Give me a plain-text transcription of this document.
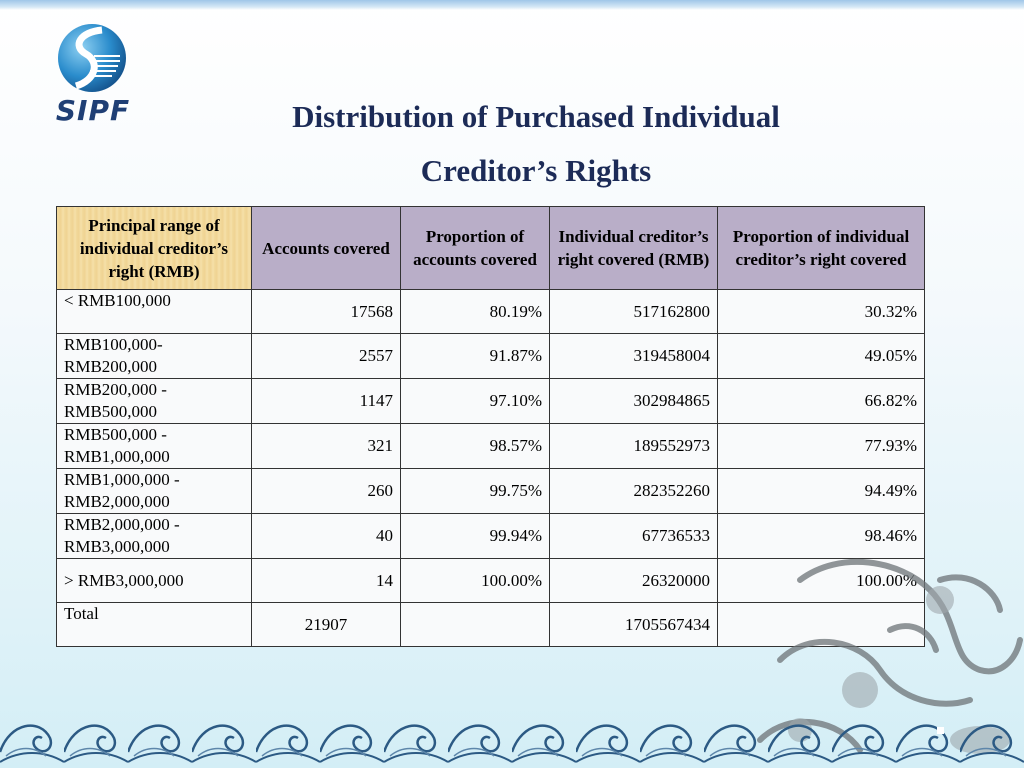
SIPF	Distribution of Purchased Individual
Creditor’s Rights
Principal range of individual creditor’s right (RMB)	Accounts covered	Proportion of accounts covered	Individual creditor’s right covered (RMB)	Proportion of individual creditor’s right covered
< RMB100,000	17568	80.19%	517162800	30.32%
RMB100,000-RMB200,000	2557	91.87%	319458004	49.05%
RMB200,000 - RMB500,000	1147	97.10%	302984865	66.82%
RMB500,000 - RMB1,000,000	321	98.57%	189552973	77.93%
RMB1,000,000 - RMB2,000,000	260	99.75%	282352260	94.49%
RMB2,000,000 - RMB3,000,000	40	99.94%	67736533	98.46%
> RMB3,000,000	14	100.00%	26320000	100.00%
Total	21907		1705567434	
